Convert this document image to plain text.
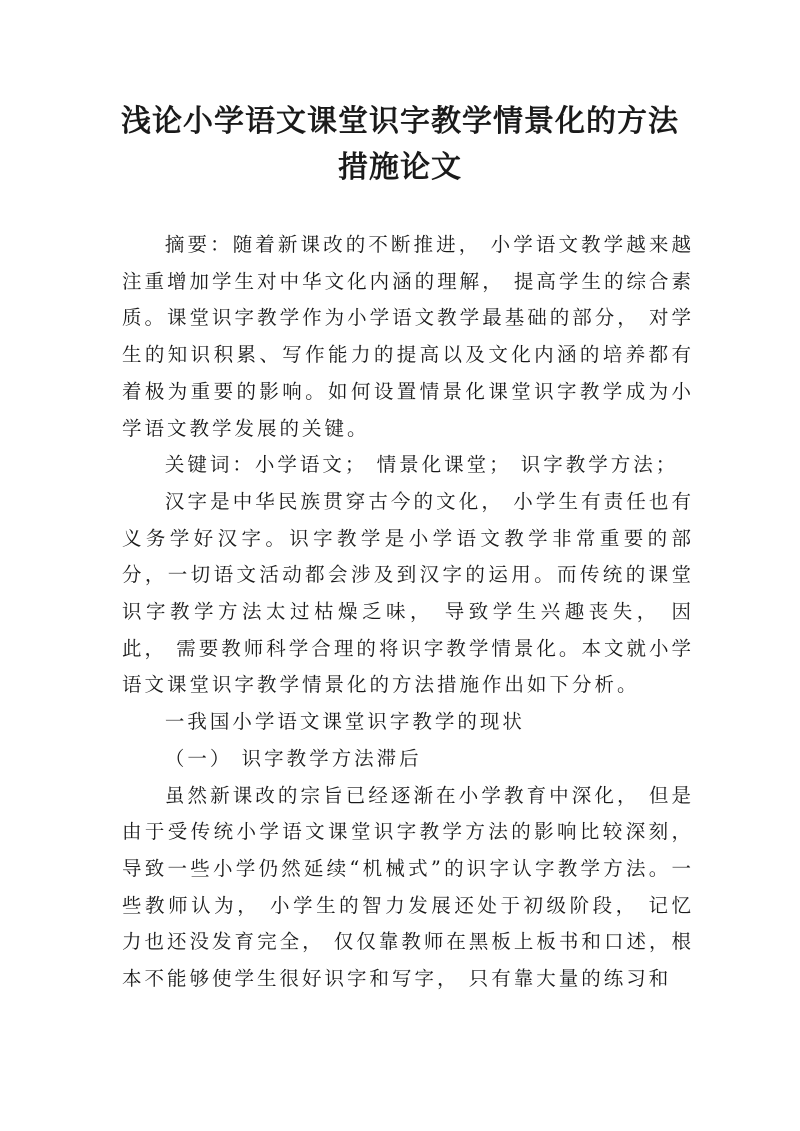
浅论小学语文课堂识字教学情景化的方法
措施论文

摘要：随着新课改的不断推进， 小学语文教学越来越注重增加学生对中华文化内涵的理解， 提高学生的综合素质。课堂识字教学作为小学语文教学最基础的部分， 对学生的知识积累、写作能力的提高以及文化内涵的培养都有着极为重要的影响。如何设置情景化课堂识字教学成为小学语文教学发展的关键。

关键词：小学语文； 情景化课堂； 识字教学方法；

汉字是中华民族贯穿古今的文化， 小学生有责任也有义务学好汉字。识字教学是小学语文教学非常重要的部分，一切语文活动都会涉及到汉字的运用。而传统的课堂识字教学方法太过枯燥乏味， 导致学生兴趣丧失， 因此， 需要教师科学合理的将识字教学情景化。本文就小学语文课堂识字教学情景化的方法措施作出如下分析。

一我国小学语文课堂识字教学的现状

（一） 识字教学方法滞后

虽然新课改的宗旨已经逐渐在小学教育中深化， 但是由于受传统小学语文课堂识字教学方法的影响比较深刻，导致一些小学仍然延续“机械式”的识字认字教学方法。一些教师认为， 小学生的智力发展还处于初级阶段， 记忆力也还没发育完全， 仅仅靠教师在黑板上板书和口述，根本不能够使学生很好识字和写字， 只有靠大量的练习和
